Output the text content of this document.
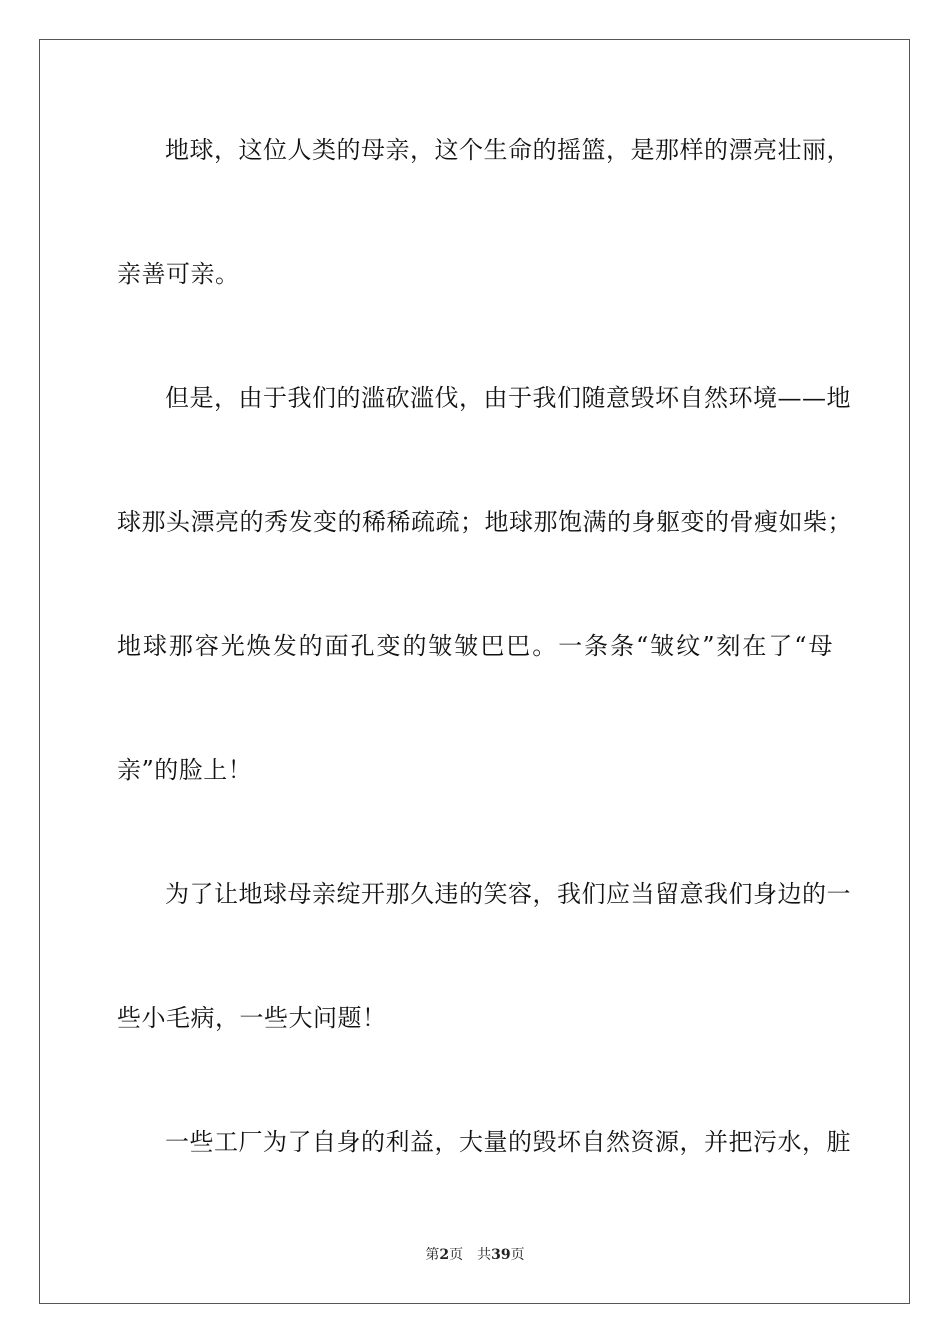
地球，这位人类的母亲，这个生命的摇篮，是那样的漂亮壮丽，
亲善可亲。
但是，由于我们的滥砍滥伐，由于我们随意毁坏自然环境——地
球那头漂亮的秀发变的稀稀疏疏；地球那饱满的身躯变的骨瘦如柴；
地球那容光焕发的面孔变的皱皱巴巴。一条条“皱纹”刻在了“母
亲”的脸上！
为了让地球母亲绽开那久违的笑容，我们应当留意我们身边的一
些小毛病，一些大问题！
一些工厂为了自身的利益，大量的毁坏自然资源，并把污水，脏
第2页 共39页
